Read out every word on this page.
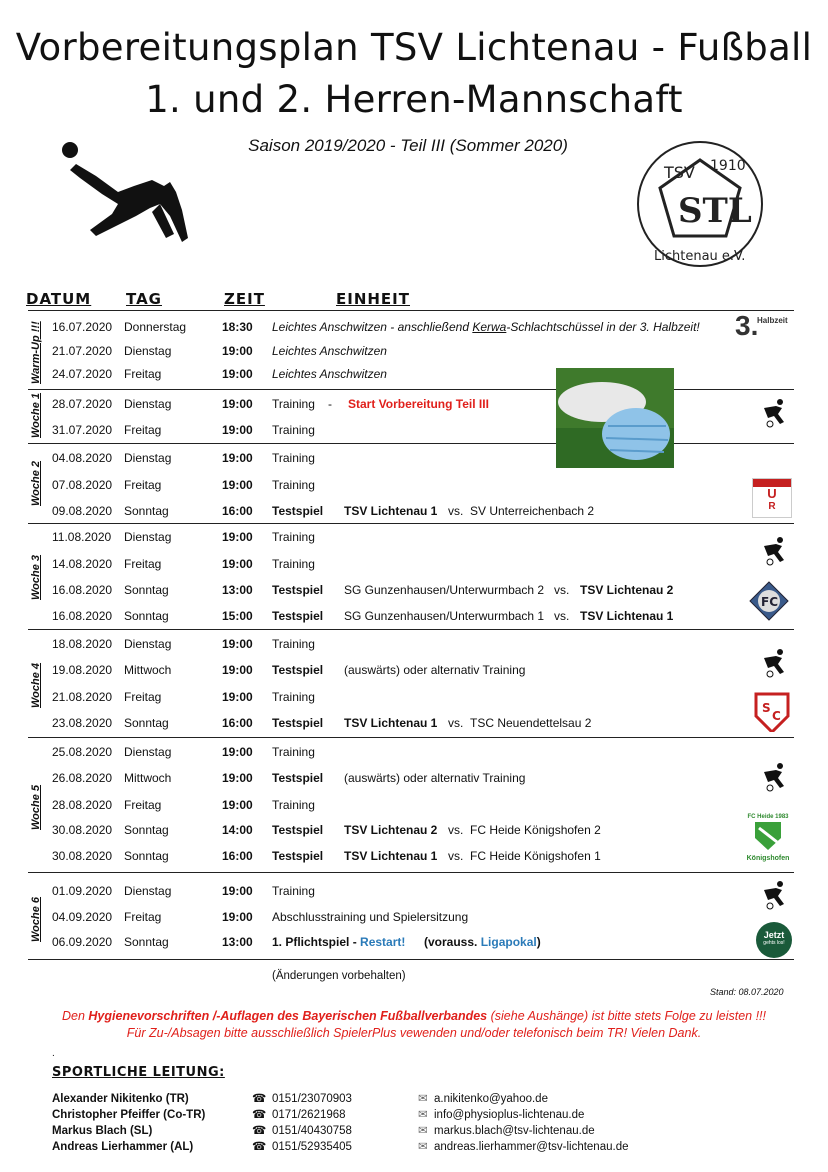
Vorbereitungsplan TSV Lichtenau - Fußball
1. und 2. Herren-Mannschaft
Saison 2019/2020 - Teil III (Sommer 2020)
TSV 1910
STL
Lichtenau e.V.
DATUM TAG	ZEIT	EINHEIT
Warm-Up !!!
Woche 1
Woche 2
Woche 3
Woche 4
Woche 5
Woche 6
16.07.2020 Donnerstag	18:30 Leichtes Anschwitzen - anschließend Kerwa-Schlachtschüssel in der 3. Halbzeit!
21.07.2020 Dienstag	19:00 Leichtes Anschwitzen
24.07.2020 Freitag	19:00 Leichtes Anschwitzen
28.07.2020 Dienstag	19:00 Training - Start Vorbereitung Teil III
31.07.2020 Freitag	19:00 Training
04.08.2020 Dienstag	19:00 Training
07.08.2020 Freitag	19:00 Training
09.08.2020 Sonntag	16:00 Testspiel TSV Lichtenau 1 vs. SV Unterreichenbach 2
11.08.2020 Dienstag	19:00 Training
14.08.2020 Freitag	19:00 Training
16.08.2020 Sonntag	13:00 Testspiel SG Gunzenhausen/Unterwurmbach 2 vs. TSV Lichtenau 2
16.08.2020 Sonntag	15:00 Testspiel SG Gunzenhausen/Unterwurmbach 1 vs. TSV Lichtenau 1
18.08.2020 Dienstag	19:00 Training
19.08.2020 Mittwoch	19:00 Testspiel (auswärts) oder alternativ Training
21.08.2020 Freitag	19:00 Training
23.08.2020 Sonntag	16:00 Testspiel TSV Lichtenau 1 vs. TSC Neuendettelsau 2
25.08.2020 Dienstag	19:00 Training
26.08.2020 Mittwoch	19:00 Testspiel (auswärts) oder alternativ Training
28.08.2020 Freitag	19:00 Training
30.08.2020 Sonntag	14:00 Testspiel TSV Lichtenau 2 vs. FC Heide Königshofen 2
30.08.2020 Sonntag	16:00 Testspiel TSV Lichtenau 1 vs. FC Heide Königshofen 1
01.09.2020 Dienstag	19:00 Training
04.09.2020 Freitag	19:00 Abschlusstraining und Spielersitzung
06.09.2020 Sonntag	13:00 1. Pflichtspiel - Restart! (vorauss. Ligapokal)
3.
Halbzeit
U
R
FC
S
C
FC Heide 1983
Königshofen
Jetzt
gehts los!
(Änderungen vorbehalten)
Stand: 08.07.2020
Den Hygienevorschriften /-Auflagen des Bayerischen Fußballverbandes (siehe Aushänge) ist bitte stets Folge zu leisten !!!
Für Zu-/Absagen bitte ausschließlich SpielerPlus vewenden und/oder telefonisch beim TR! Vielen Dank.
.
SPORTLICHE LEITUNG:
Alexander Nikitenko (TR)	☎ 0151/23070903	✉ a.nikitenko@yahoo.de
Christopher Pfeiffer (Co-TR)	☎ 0171/2621968	✉ info@physioplus-lichtenau.de
Markus Blach (SL)	☎ 0151/40430758	✉ markus.blach@tsv-lichtenau.de
Andreas Lierhammer (AL)	☎ 0151/52935405	✉ andreas.lierhammer@tsv-lichtenau.de
